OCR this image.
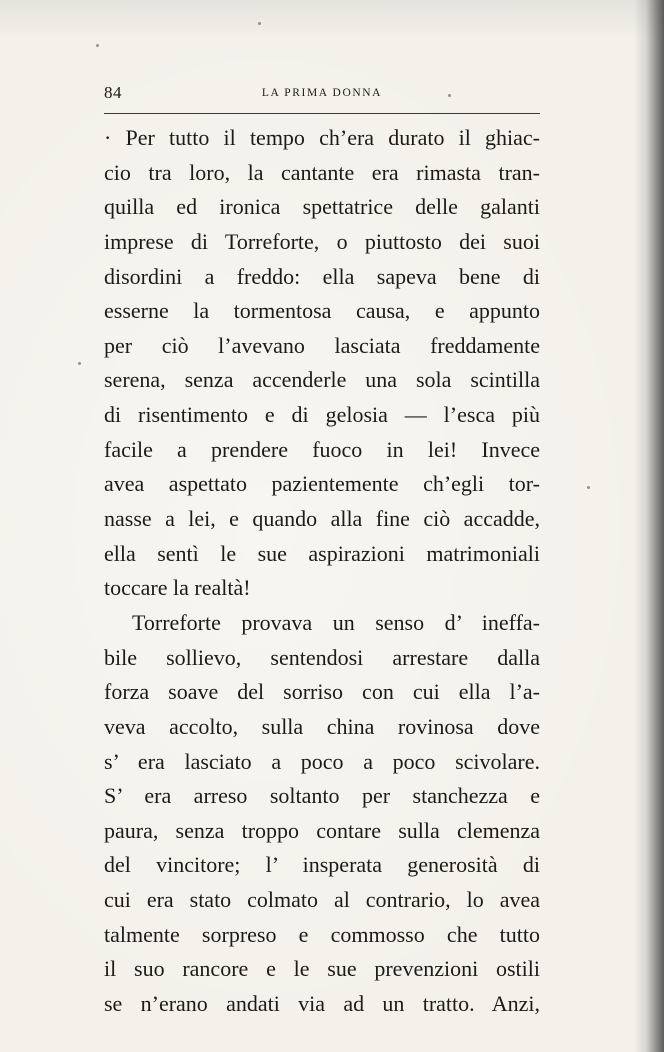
84	LA PRIMA DONNA
· Per tutto il tempo ch’era durato il ghiac-
cio tra loro, la cantante era rimasta tran-
quilla ed ironica spettatrice delle galanti
imprese di Torreforte, o piuttosto dei suoi
disordini a freddo: ella sapeva bene di
esserne la tormentosa causa, e appunto
per ciò l’avevano lasciata freddamente
serena, senza accenderle una sola scintilla
di risentimento e di gelosia — l’esca più
facile a prendere fuoco in lei! Invece
avea aspettato pazientemente ch’egli tor-
nasse a lei, e quando alla fine ciò accadde,
ella sentì le sue aspirazioni matrimoniali
toccare la realtà!
Torreforte provava un senso d’ ineffa-
bile sollievo, sentendosi arrestare dalla
forza soave del sorriso con cui ella l’a-
veva accolto, sulla china rovinosa dove
s’ era lasciato a poco a poco scivolare.
S’ era arreso soltanto per stanchezza e
paura, senza troppo contare sulla clemenza
del vincitore; l’ insperata generosità di
cui era stato colmato al contrario, lo avea
talmente sorpreso e commosso che tutto
il suo rancore e le sue prevenzioni ostili
se n’erano andati via ad un tratto. Anzi,
